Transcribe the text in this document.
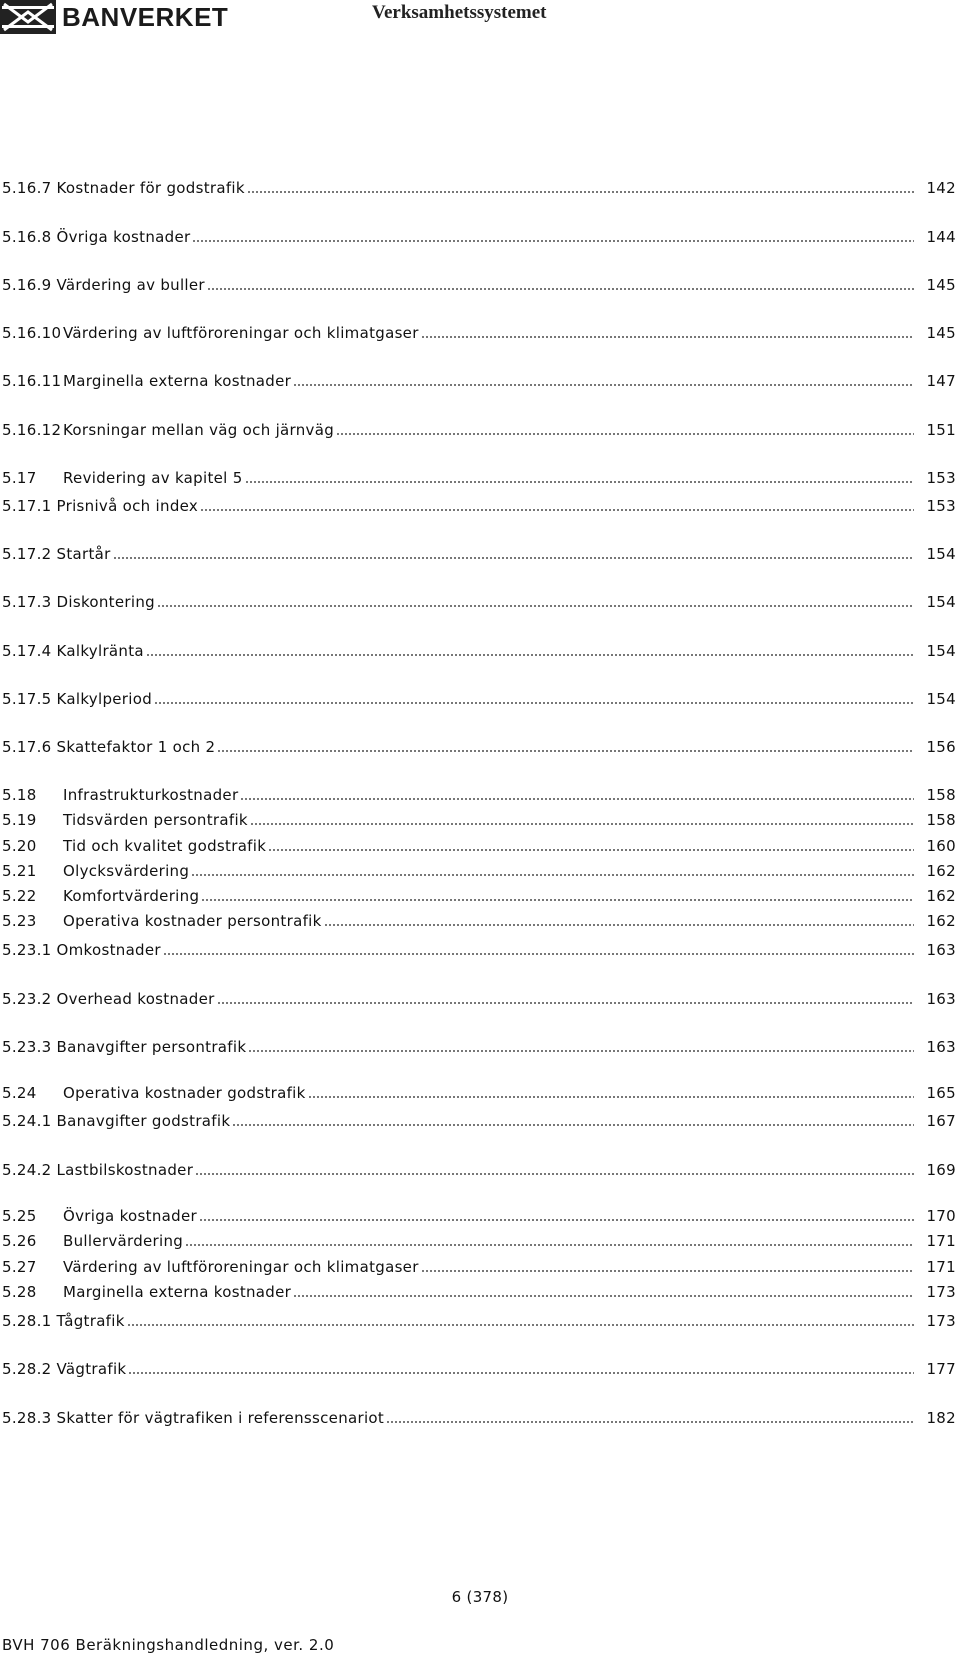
BANVERKET	Verksamhetssystemet
5.16.7 Kostnader för godstrafik	142
5.16.8 Övriga kostnader	144
5.16.9 Värdering av buller	145
5.16.10 Värdering av luftföroreningar och klimatgaser	145
5.16.11 Marginella externa kostnader	147
5.16.12 Korsningar mellan väg och järnväg	151
5.17	Revidering av kapitel 5	153
5.17.1 Prisnivå och index	153
5.17.2 Startår	154
5.17.3 Diskontering	154
5.17.4 Kalkylränta	154
5.17.5 Kalkylperiod	154
5.17.6 Skattefaktor 1 och 2	156
5.18	Infrastrukturkostnader	158
5.19	Tidsvärden persontrafik	158
5.20	Tid och kvalitet godstrafik	160
5.21	Olycksvärdering	162
5.22	Komfortvärdering	162
5.23	Operativa kostnader persontrafik	162
5.23.1 Omkostnader	163
5.23.2 Overhead kostnader	163
5.23.3 Banavgifter persontrafik	163
5.24	Operativa kostnader godstrafik	165
5.24.1 Banavgifter godstrafik	167
5.24.2 Lastbilskostnader	169
5.25	Övriga kostnader	170
5.26	Bullervärdering	171
5.27	Värdering av luftföroreningar och klimatgaser	171
5.28	Marginella externa kostnader	173
5.28.1 Tågtrafik	173
5.28.2 Vägtrafik	177
5.28.3 Skatter för vägtrafiken i referensscenariot	182
6 (378)
BVH 706 Beräkningshandledning, ver. 2.0
